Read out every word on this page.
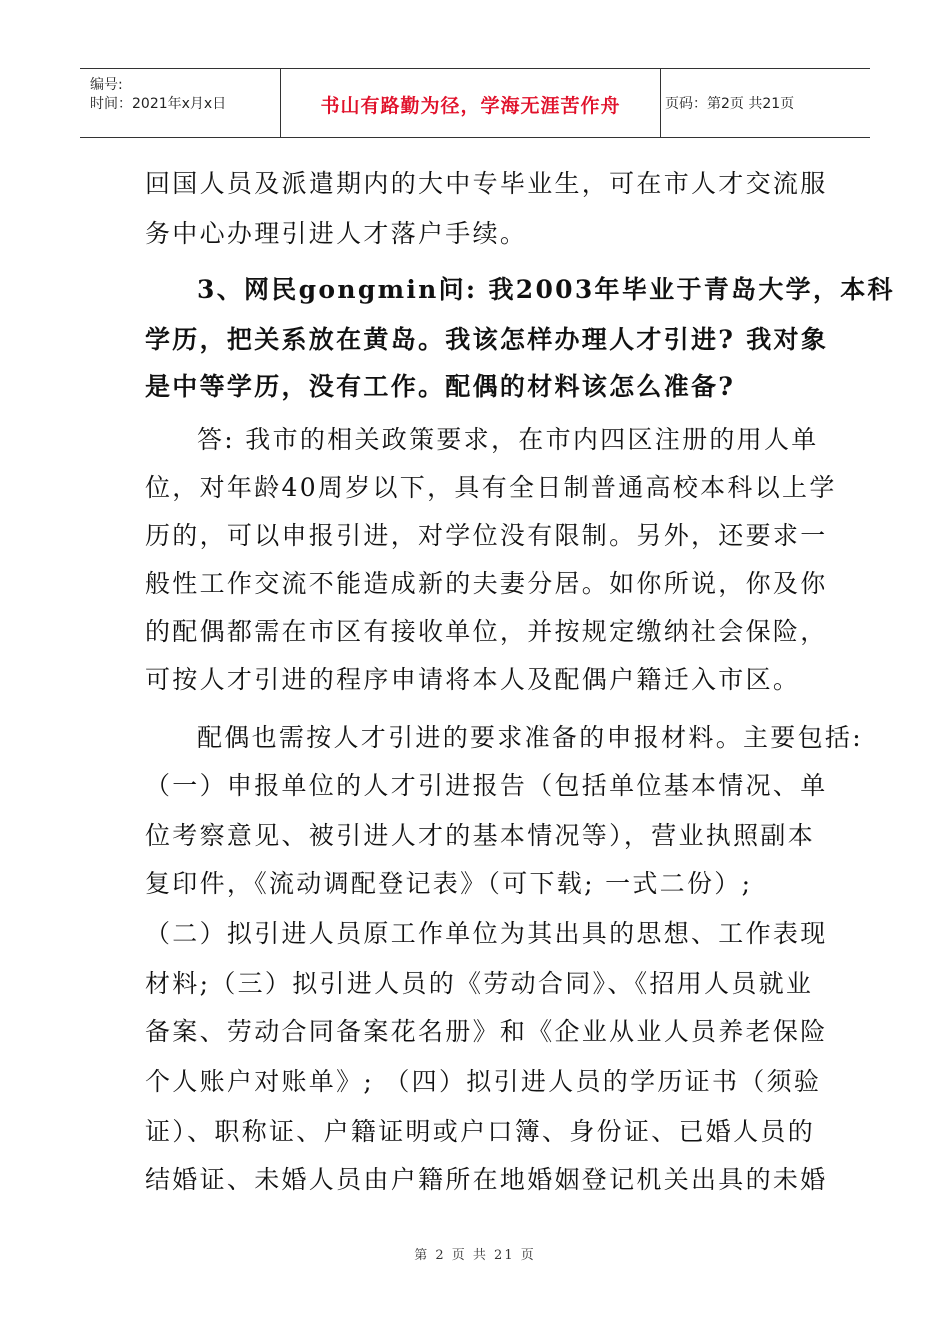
编号:
时间：2021年x月x日	书山有路勤为径，学海无涯苦作舟	页码：第2页 共21页
回国人员及派遣期内的大中专毕业生，可在市人才交流服
务中心办理引进人才落户手续。
3、网民gongmin问: 我2003年毕业于青岛大学，本科
学历，把关系放在黄岛。我该怎样办理人才引进? 我对象
是中等学历，没有工作。配偶的材料该怎么准备?
答: 我市的相关政策要求，在市内四区注册的用人单
位，对年龄40周岁以下，具有全日制普通高校本科以上学
历的，可以申报引进，对学位没有限制。另外，还要求一
般性工作交流不能造成新的夫妻分居。如你所说，你及你
的配偶都需在市区有接收单位，并按规定缴纳社会保险，
可按人才引进的程序申请将本人及配偶户籍迁入市区。
配偶也需按人才引进的要求准备的申报材料。主要包括:
（一）申报单位的人才引进报告（包括单位基本情况、单
位考察意见、被引进人才的基本情况等），营业执照副本
复印件，《流动调配登记表》（可下载; 一式二份）;
（二）拟引进人员原工作单位为其出具的思想、工作表现
材料;（三）拟引进人员的《劳动合同》、《招用人员就业
备案、劳动合同备案花名册》和《企业从业人员养老保险
个人账户对账单》; （四）拟引进人员的学历证书（须验
证）、职称证、户籍证明或户口簿、身份证、已婚人员的
结婚证、未婚人员由户籍所在地婚姻登记机关出具的未婚
第 2 页 共 21 页
